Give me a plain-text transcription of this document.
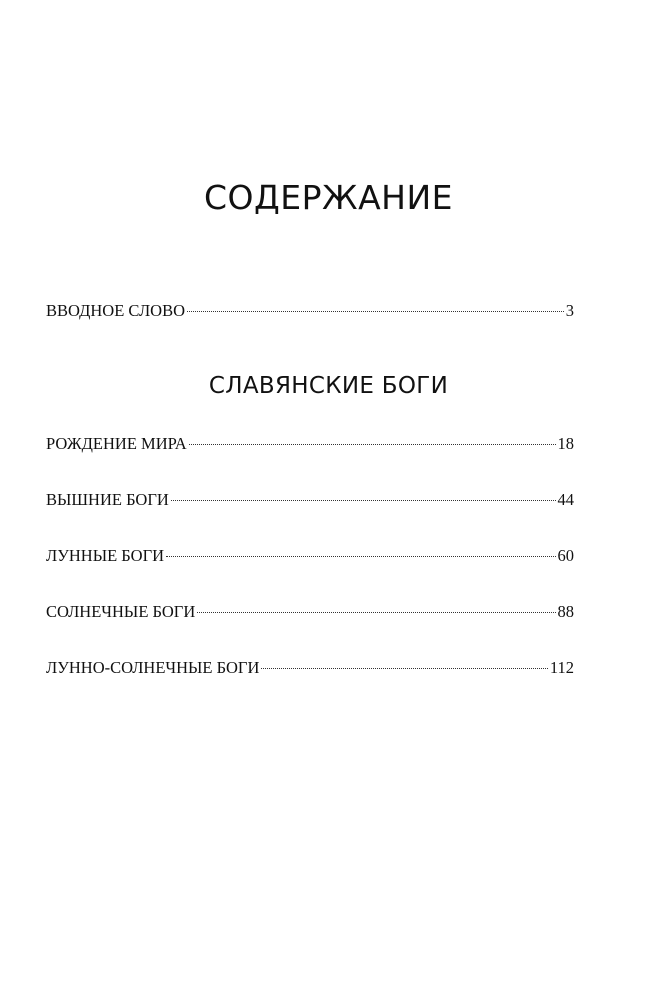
СОДЕРЖАНИЕ
ВВОДНОЕ СЛОВО	3
СЛАВЯНСКИЕ БОГИ
РОЖДЕНИЕ МИРА	18
ВЫШНИЕ БОГИ	44
ЛУННЫЕ БОГИ	60
СОЛНЕЧНЫЕ БОГИ	88
ЛУННО-СОЛНЕЧНЫЕ БОГИ	112
